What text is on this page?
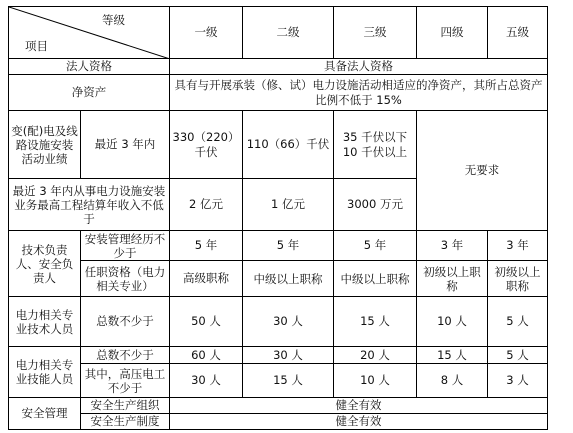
等级
项目		一级	二级	三级	四级	五级
法人资格		具备法人资格				
净资产		具有与开展承装（修、试）电力设施活动相适应的净资产，其所占总资产比例不低于 15%				
变(配)电及线路设施安装活动业绩	最近 3 年内	330（220）千伏	110（66）千伏	35 千伏以下 10 千伏以上	无要求	
最近 3 年内从事电力设施安装业务最高工程结算年收入不低于		2 亿元	1 亿元	3000 万元		
技术负责人、安全负责人	安装管理经历不少于	5 年	5 年	5 年	3 年	3 年
	任职资格（电力相关专业）	高级职称	中级以上职称	中级以上职称	初级以上职称	初级以上职称
电力相关专业技术人员	总数不少于	50 人	30 人	15 人	10 人	5 人
电力相关专业技能人员	总数不少于	60 人	30 人	20 人	15 人	5 人
	其中，高压电工不少于	30 人	15 人	10 人	8 人	3 人
安全管理	安全生产组织	健全有效				
	安全生产制度	健全有效				
